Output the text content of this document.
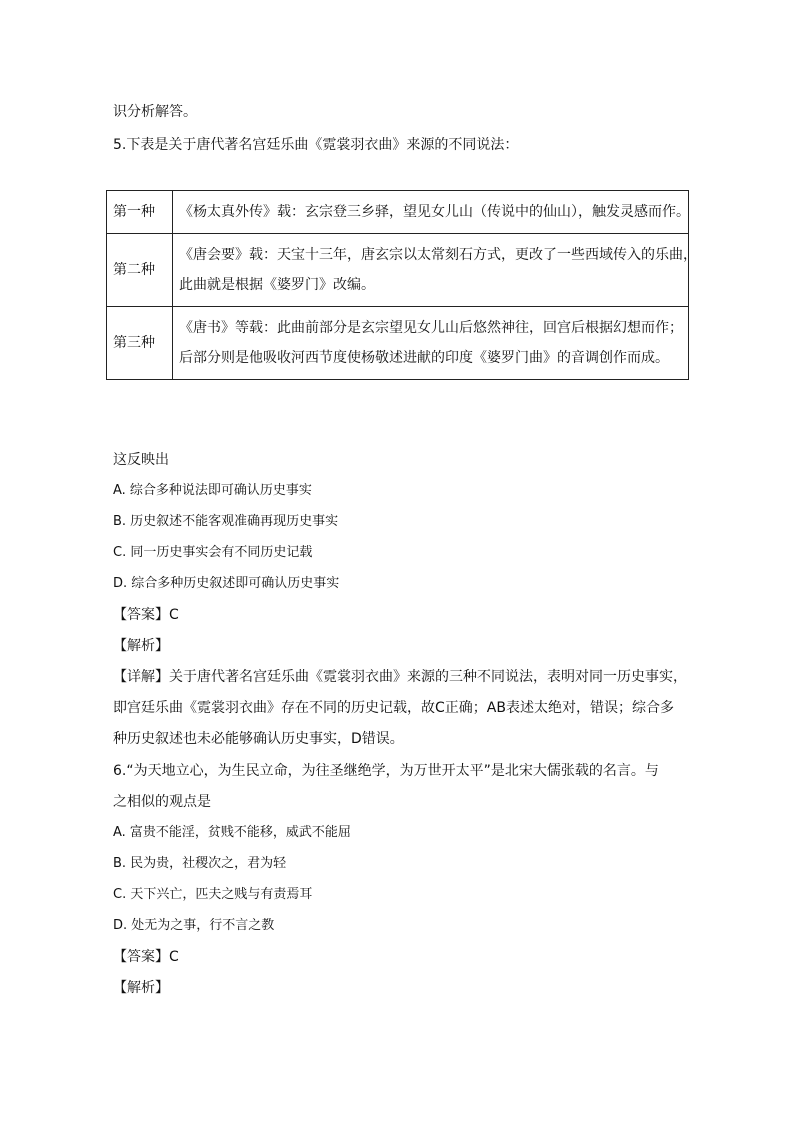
识分析解答。

5.下表是关于唐代著名宫廷乐曲《霓裳羽衣曲》来源的不同说法：

第一种	《杨太真外传》载：玄宗登三乡驿，望见女儿山（传说中的仙山），触发灵感而作。

第二种	《唐会要》载：天宝十三年，唐玄宗以太常刻石方式，更改了一些西域传入的乐曲，

此曲就是根据《婆罗门》改编。

第三种	《唐书》等载：此曲前部分是玄宗望见女儿山后悠然神往，回宫后根据幻想而作；

后部分则是他吸收河西节度使杨敬述进献的印度《婆罗门曲》的音调创作而成。

这反映出

A. 综合多种说法即可确认历史事实

B. 历史叙述不能客观准确再现历史事实

C. 同一历史事实会有不同历史记载

D. 综合多种历史叙述即可确认历史事实

【答案】C

【解析】

【详解】关于唐代著名宫廷乐曲《霓裳羽衣曲》来源的三种不同说法，表明对同一历史事实，

即宫廷乐曲《霓裳羽衣曲》存在不同的历史记载，故C正确；AB表述太绝对，错误；综合多

种历史叙述也未必能够确认历史事实，D错误。

6.“为天地立心，为生民立命，为往圣继绝学，为万世开太平”是北宋大儒张载的名言。与

之相似的观点是

A. 富贵不能淫，贫贱不能移，威武不能屈

B. 民为贵，社稷次之，君为轻

C. 天下兴亡，匹夫之贱与有责焉耳

D. 处无为之事，行不言之教

【答案】C

【解析】
